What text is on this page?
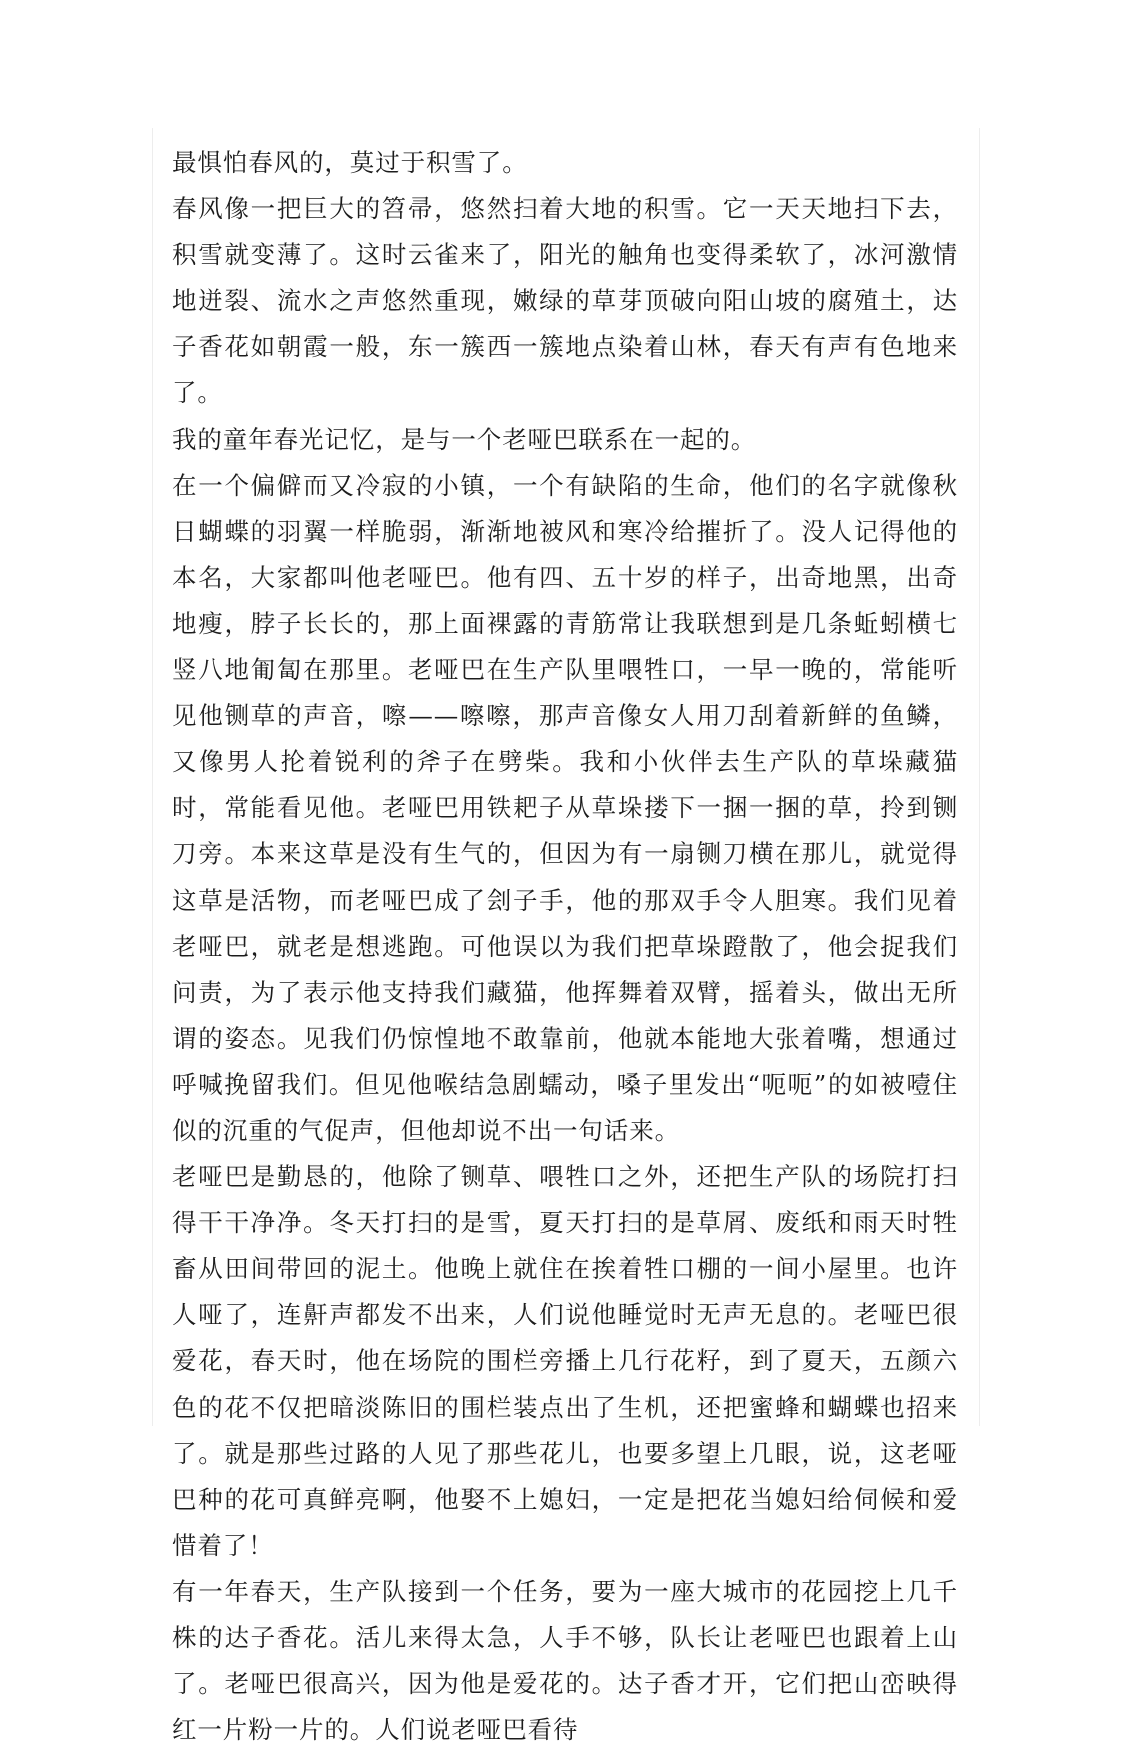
最惧怕春风的，莫过于积雪了。

春风像一把巨大的笤帚，悠然扫着大地的积雪。它一天天地扫下去，积雪就变薄了。这时云雀来了，阳光的触角也变得柔软了，冰河激情地迸裂、流水之声悠然重现，嫩绿的草芽顶破向阳山坡的腐殖土，达子香花如朝霞一般，东一簇西一簇地点染着山林，春天有声有色地来了。

我的童年春光记忆，是与一个老哑巴联系在一起的。

在一个偏僻而又冷寂的小镇，一个有缺陷的生命，他们的名字就像秋日蝴蝶的羽翼一样脆弱，渐渐地被风和寒冷给摧折了。没人记得他的本名，大家都叫他老哑巴。他有四、五十岁的样子，出奇地黑，出奇地瘦，脖子长长的，那上面裸露的青筋常让我联想到是几条蚯蚓横七竖八地匍匐在那里。老哑巴在生产队里喂牲口，一早一晚的，常能听见他铡草的声音，嚓——嚓嚓，那声音像女人用刀刮着新鲜的鱼鳞，又像男人抡着锐利的斧子在劈柴。我和小伙伴去生产队的草垛藏猫时，常能看见他。老哑巴用铁耙子从草垛搂下一捆一捆的草，拎到铡刀旁。本来这草是没有生气的，但因为有一扇铡刀横在那儿，就觉得这草是活物，而老哑巴成了刽子手，他的那双手令人胆寒。我们见着老哑巴，就老是想逃跑。可他误以为我们把草垛蹬散了，他会捉我们问责，为了表示他支持我们藏猫，他挥舞着双臂，摇着头，做出无所谓的姿态。见我们仍惊惶地不敢靠前，他就本能地大张着嘴，想通过呼喊挽留我们。但见他喉结急剧蠕动，嗓子里发出“呃呃”的如被噎住似的沉重的气促声，但他却说不出一句话来。

老哑巴是勤恳的，他除了铡草、喂牲口之外，还把生产队的场院打扫得干干净净。冬天打扫的是雪，夏天打扫的是草屑、废纸和雨天时牲畜从田间带回的泥土。他晚上就住在挨着牲口棚的一间小屋里。也许人哑了，连鼾声都发不出来，人们说他睡觉时无声无息的。老哑巴很爱花，春天时，他在场院的围栏旁播上几行花籽，到了夏天，五颜六色的花不仅把暗淡陈旧的围栏装点出了生机，还把蜜蜂和蝴蝶也招来了。就是那些过路的人见了那些花儿，也要多望上几眼，说，这老哑巴种的花可真鲜亮啊，他娶不上媳妇，一定是把花当媳妇给伺候和爱惜着了！

有一年春天，生产队接到一个任务，要为一座大城市的花园挖上几千株的达子香花。活儿来得太急，人手不够，队长让老哑巴也跟着上山了。老哑巴很高兴，因为他是爱花的。达子香才开，它们把山峦映得红一片粉一片的。人们说老哑巴看待
